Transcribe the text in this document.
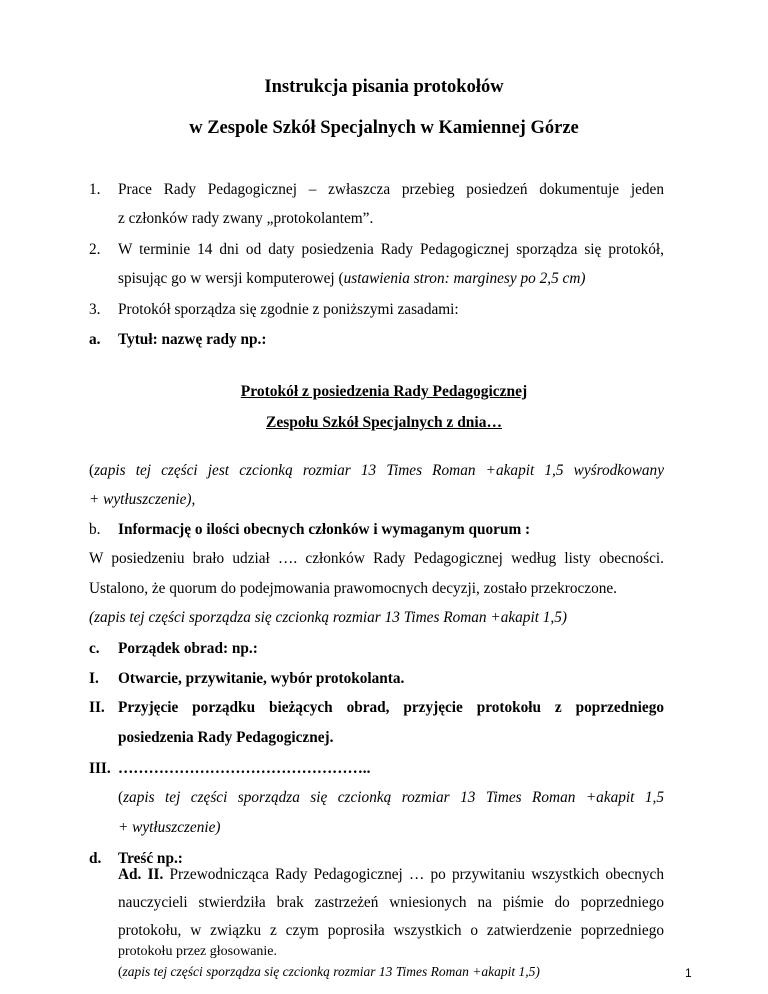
Instrukcja pisania protokołów
w Zespole Szkół Specjalnych w Kamiennej Górze
1. Prace Rady Pedagogicznej – zwłaszcza przebieg posiedzeń dokumentuje jeden
z członków rady zwany „protokolantem”.
2. W terminie 14 dni od daty posiedzenia Rady Pedagogicznej sporządza się protokół,
spisując go w wersji komputerowej (ustawienia stron: marginesy po 2,5 cm)
3. Protokół sporządza się zgodnie z poniższymi zasadami:
a. Tytuł: nazwę rady np.:
Protokół z posiedzenia Rady Pedagogicznej
Zespołu Szkół Specjalnych z dnia…
(zapis tej części jest czcionką rozmiar 13 Times Roman +akapit 1,5 wyśrodkowany
+ wytłuszczenie),
b. Informację o ilości obecnych członków i wymaganym quorum :
W posiedzeniu brało udział …. członków Rady Pedagogicznej według listy obecności.
Ustalono, że quorum do podejmowania prawomocnych decyzji, zostało przekroczone.
(zapis tej części sporządza się czcionką rozmiar 13 Times Roman +akapit 1,5)
c. Porządek obrad: np.:
I. Otwarcie, przywitanie, wybór protokolanta.
II. Przyjęcie porządku bieżących obrad, przyjęcie protokołu z poprzedniego
posiedzenia Rady Pedagogicznej.
III. …………………………………………..
(zapis tej części sporządza się czcionką rozmiar 13 Times Roman +akapit 1,5
+ wytłuszczenie)
d. Treść np.:
Ad. II. Przewodnicząca Rady Pedagogicznej … po przywitaniu wszystkich obecnych
nauczycieli stwierdziła brak zastrzeżeń wniesionych na piśmie do poprzedniego
protokołu, w związku z czym poprosiła wszystkich o zatwierdzenie poprzedniego
protokołu przez głosowanie.
1
(zapis tej części sporządza się czcionką rozmiar 13 Times Roman +akapit 1,5)
